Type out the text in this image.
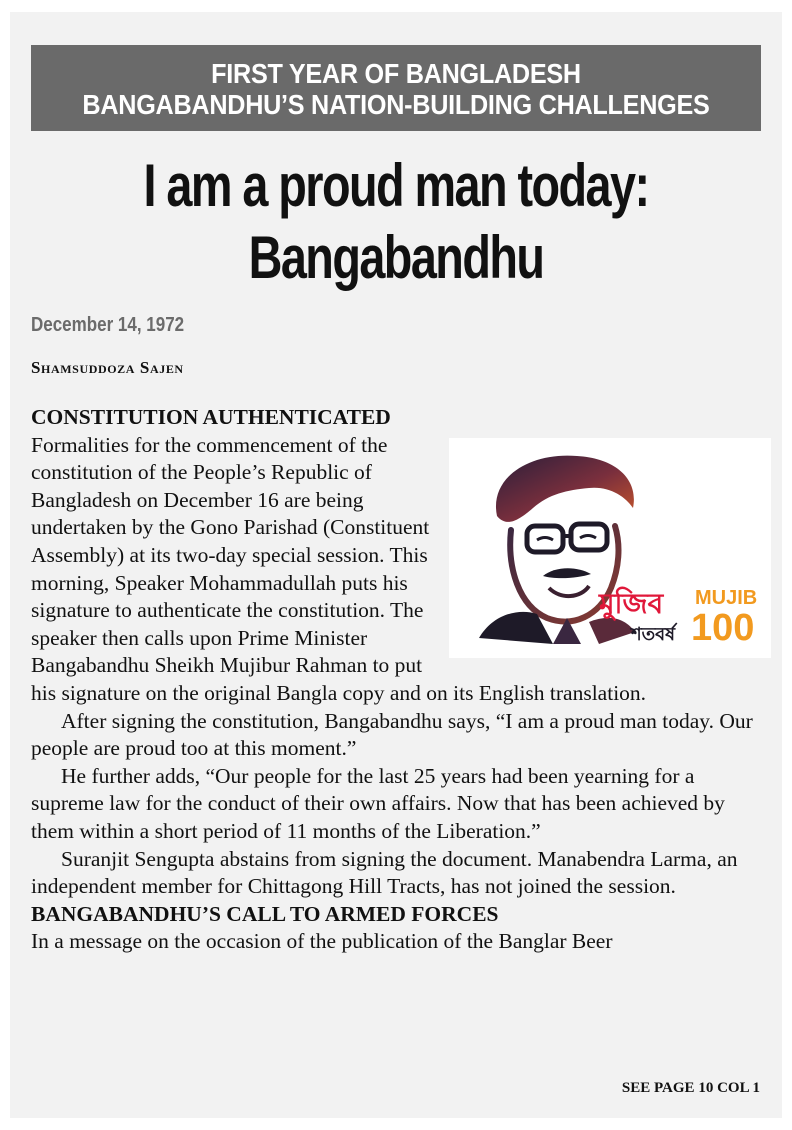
FIRST YEAR OF BANGLADESH
BANGABANDHU’S NATION-BUILDING CHALLENGES
I am a proud man today:
Bangabandhu
December 14, 1972
Shamsuddoza Sajen

CONSTITUTION AUTHENTICATED

মুজিব
শতবর্ষ
MUJIB
100

Formalities for the commencement of the constitution of the People’s Republic of Bangladesh on December 16 are being undertaken by the Gono Parishad (Constituent Assembly) at its two-day special session. This morning, Speaker Mohammadullah puts his signature to authenticate the constitution. The speaker then calls upon Prime Minister Bangabandhu Sheikh Mujibur Rahman to put his signature on the original Bangla copy and on its English translation.

After signing the constitution, Bangabandhu says, “I am a proud man today. Our people are proud too at this moment.”

He further adds, “Our people for the last 25 years had been yearning for a supreme law for the conduct of their own affairs. Now that has been achieved by them within a short period of 11 months of the Liberation.”

Suranjit Sengupta abstains from signing the document. Manabendra Larma, an independent member for Chittagong Hill Tracts, has not joined the session.

BANGABANDHU’S CALL TO ARMED FORCES

In a message on the occasion of the publication of the Banglar Beer

SEE PAGE 10 COL 1
